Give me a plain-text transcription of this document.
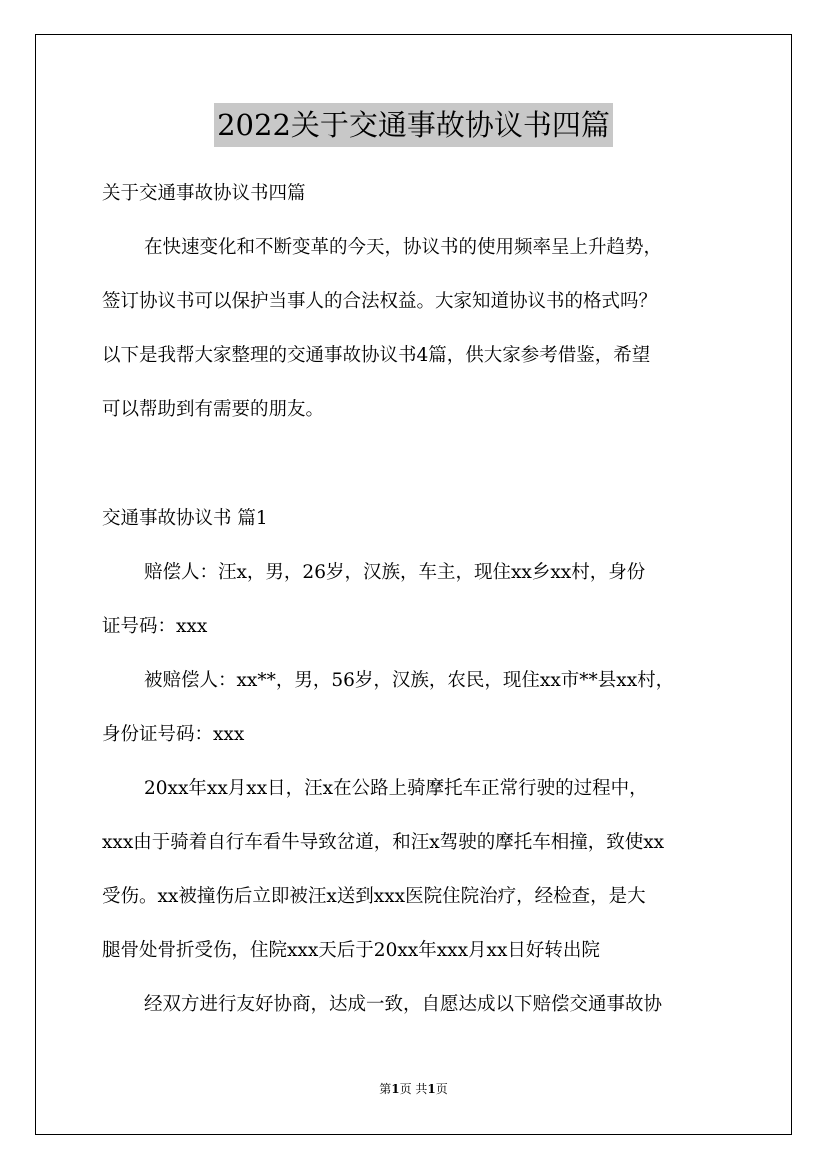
2022关于交通事故协议书四篇
关于交通事故协议书四篇
在快速变化和不断变革的今天，协议书的使用频率呈上升趋势，
签订协议书可以保护当事人的合法权益。大家知道协议书的格式吗？
以下是我帮大家整理的交通事故协议书4篇，供大家参考借鉴，希望
可以帮助到有需要的朋友。
交通事故协议书 篇1
赔偿人：汪x，男，26岁，汉族，车主，现住xx乡xx村，身份
证号码：xxx
被赔偿人：xx**，男，56岁，汉族，农民，现住xx市**县xx村，
身份证号码：xxx
20xx年xx月xx日，汪x在公路上骑摩托车正常行驶的过程中，
xxx由于骑着自行车看牛导致岔道，和汪x驾驶的摩托车相撞，致使xx
受伤。xx被撞伤后立即被汪x送到xxx医院住院治疗，经检查，是大
腿骨处骨折受伤，住院xxx天后于20xx年xxx月xx日好转出院
经双方进行友好协商，达成一致，自愿达成以下赔偿交通事故协
第1页 共1页
